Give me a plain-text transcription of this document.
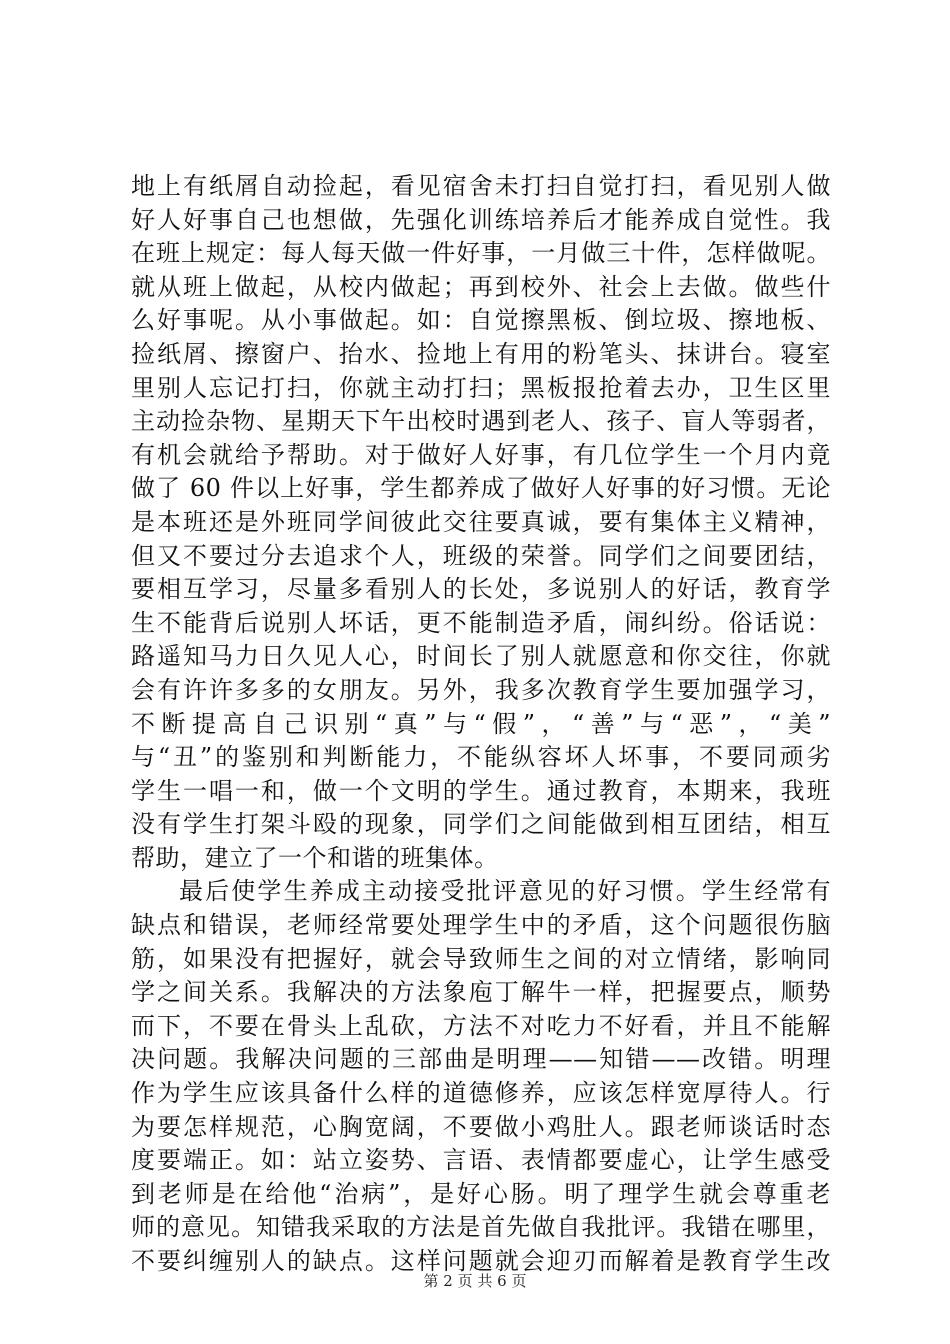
地上有纸屑自动捡起，看见宿舍未打扫自觉打扫，看见别人做
好人好事自己也想做，先强化训练培养后才能养成自觉性。我
在班上规定：每人每天做一件好事，一月做三十件，怎样做呢。
就从班上做起，从校内做起；再到校外、社会上去做。做些什
么好事呢。从小事做起。如：自觉擦黑板、倒垃圾、擦地板、
捡纸屑、擦窗户、抬水、捡地上有用的粉笔头、抹讲台。寝室
里别人忘记打扫，你就主动打扫；黑板报抢着去办，卫生区里
主动捡杂物、星期天下午出校时遇到老人、孩子、盲人等弱者，
有机会就给予帮助。对于做好人好事，有几位学生一个月内竟
做了 60 件以上好事，学生都养成了做好人好事的好习惯。无论
是本班还是外班同学间彼此交往要真诚，要有集体主义精神，
但又不要过分去追求个人，班级的荣誉。同学们之间要团结，
要相互学习，尽量多看别人的长处，多说别人的好话，教育学
生不能背后说别人坏话，更不能制造矛盾，闹纠纷。俗话说：
路遥知马力日久见人心，时间长了别人就愿意和你交往，你就
会有许许多多的女朋友。另外，我多次教育学生要加强学习，
不断提高自己识别“真”与“假”，“善”与“恶”，“美”
与“丑”的鉴别和判断能力，不能纵容坏人坏事，不要同顽劣
学生一唱一和，做一个文明的学生。通过教育，本期来，我班
没有学生打架斗殴的现象，同学们之间能做到相互团结，相互
帮助，建立了一个和谐的班集体。
最后使学生养成主动接受批评意见的好习惯。学生经常有
缺点和错误，老师经常要处理学生中的矛盾，这个问题很伤脑
筋，如果没有把握好，就会导致师生之间的对立情绪，影响同
学之间关系。我解决的方法象庖丁解牛一样，把握要点，顺势
而下，不要在骨头上乱砍，方法不对吃力不好看，并且不能解
决问题。我解决问题的三部曲是明理——知错——改错。明理
作为学生应该具备什么样的道德修养，应该怎样宽厚待人。行
为要怎样规范，心胸宽阔，不要做小鸡肚人。跟老师谈话时态
度要端正。如：站立姿势、言语、表情都要虚心，让学生感受
到老师是在给他“治病”，是好心肠。明了理学生就会尊重老
师的意见。知错我采取的方法是首先做自我批评。我错在哪里，
不要纠缠别人的缺点。这样问题就会迎刃而解着是教育学生改
第 2 页 共 6 页
